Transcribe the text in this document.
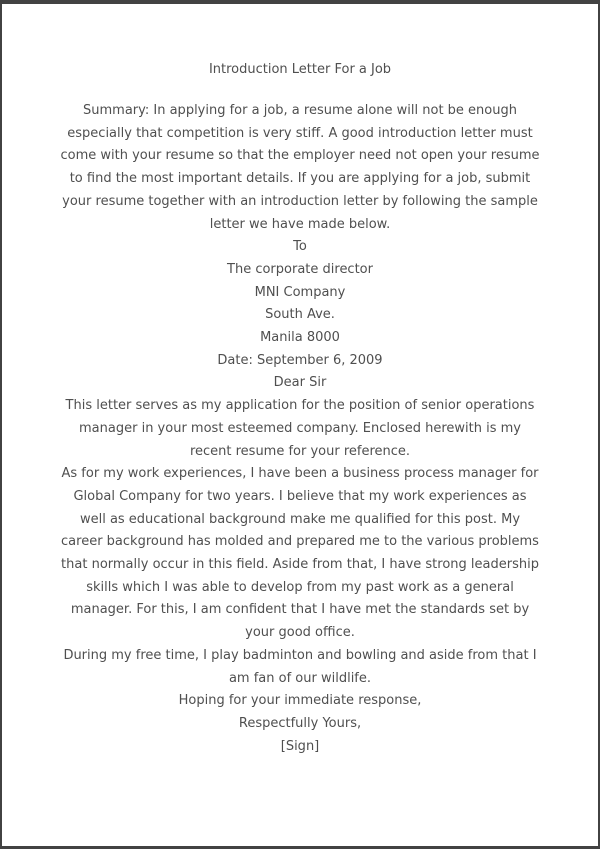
Introduction Letter For a Job
Summary: In applying for a job, a resume alone will not be enough
especially that competition is very stiff. A good introduction letter must
come with your resume so that the employer need not open your resume
to find the most important details. If you are applying for a job, submit
your resume together with an introduction letter by following the sample
letter we have made below.
To
The corporate director
MNI Company
South Ave.
Manila 8000
Date: September 6, 2009
Dear Sir
This letter serves as my application for the position of senior operations
manager in your most esteemed company. Enclosed herewith is my
recent resume for your reference.
As for my work experiences, I have been a business process manager for
Global Company for two years. I believe that my work experiences as
well as educational background make me qualified for this post. My
career background has molded and prepared me to the various problems
that normally occur in this field. Aside from that, I have strong leadership
skills which I was able to develop from my past work as a general
manager. For this, I am confident that I have met the standards set by
your good office.
During my free time, I play badminton and bowling and aside from that I
am fan of our wildlife.
Hoping for your immediate response,
Respectfully Yours,
[Sign]
